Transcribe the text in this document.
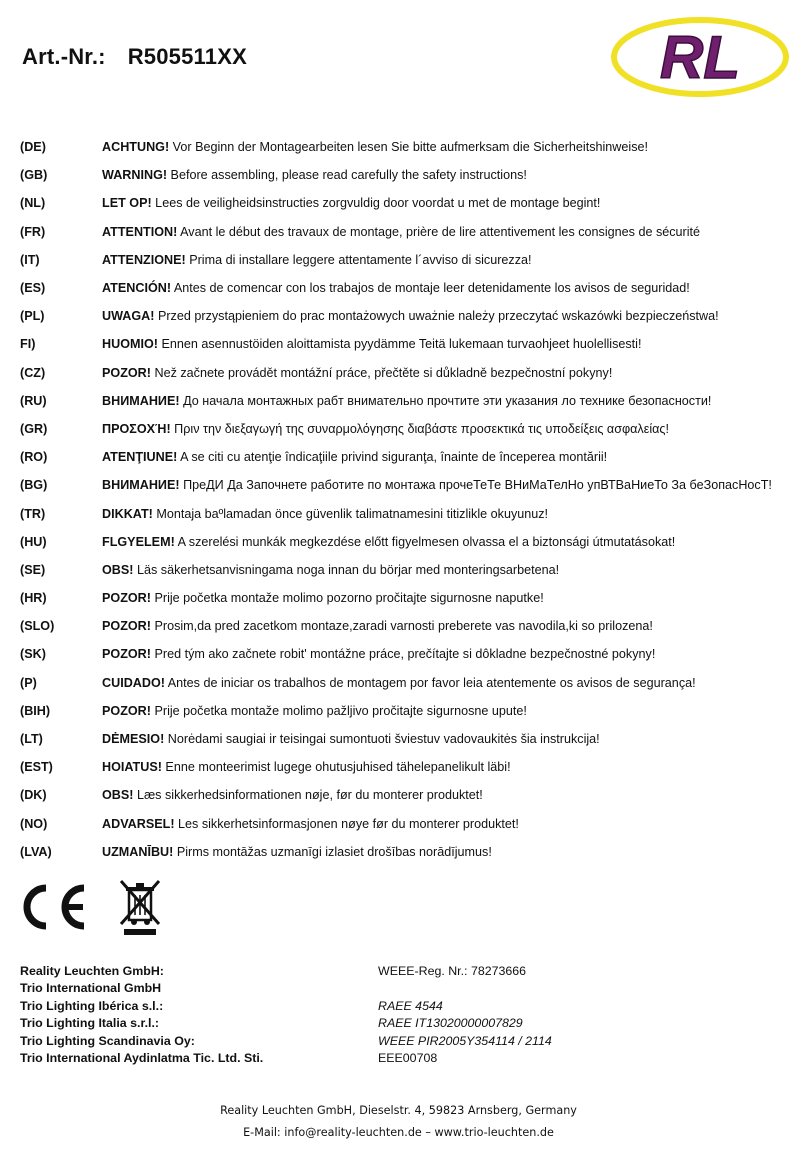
Art.-Nr.: R505511XX	RL
(DE)	ACHTUNG! Vor Beginn der Montagearbeiten lesen Sie bitte aufmerksam die Sicherheitshinweise!
(GB)	WARNING! Before assembling, please read carefully the safety instructions!
(NL)	LET OP! Lees de veiligheidsinstructies zorgvuldig door voordat u met de montage begint!
(FR)	ATTENTION! Avant le début des travaux de montage, prière de lire attentivement les consignes de sécurité
(IT)	ATTENZIONE! Prima di installare leggere attentamente l´avviso di sicurezza!
(ES)	ATENCIÓN! Antes de comencar con los trabajos de montaje leer detenidamente los avisos de seguridad!
(PL)	UWAGA! Przed przystąpieniem do prac montażowych uważnie należy przeczytać wskazówki bezpieczeństwa!
FI)	HUOMIO! Ennen asennustöiden aloittamista pyydämme Teitä lukemaan turvaohjeet huolellisesti!
(CZ)	POZOR! Než začnete provádět montážní práce, přečtěte si důkladně bezpečnostní pokyny!
(RU)	ВНИМАНИЕ! До начала монтажных рабт внимательно прочтите эти указания ло технике безопасности!
(GR)	ΠΡΟΣΟΧΉ! Πριν την διεξαγωγή της συναρμολόγησης διαβάστε προσεκτικά τις υποδείξεις ασφαλείας!
(RO)	ATENŢIUNE! A se citi cu atenţie îndicaţiile privind siguranţa, înainte de începerea montării!
(BG)	ВНИМАНИЕ! ПреДИ Да Започнете работите по монтажа прочеТеТе ВНиМаТелНо упВТВаНиеТо За беЗопасНосТ!
(TR)	DIKKAT! Montaja baºlamadan önce güvenlik talimatnamesini titizlikle okuyunuz!
(HU)	FLGYELEM! A szerelési munkák megkezdése előtt figyelmesen olvassa el a biztonsági útmutatásokat!
(SE)	OBS! Läs säkerhetsanvisningama noga innan du börjar med monteringsarbetena!
(HR)	POZOR! Prije početka montaže molimo pozorno pročitajte sigurnosne naputke!
(SLO)	POZOR! Prosim,da pred zacetkom montaze,zaradi varnosti preberete vas navodila,ki so prilozena!
(SK)	POZOR! Pred tým ako začnete robit' montážne práce, prečítajte si dôkladne bezpečnostné pokyny!
(P)	CUIDADO! Antes de iniciar os trabalhos de montagem por favor leia atentemente os avisos de segurança!
(BIH)	POZOR! Prije početka montaže molimo pažljivo pročitajte sigurnosne upute!
(LT)	DĖMESIO! Norėdami saugiai ir teisingai sumontuoti šviestuv vadovaukitės šia instrukcija!
(EST)	HOIATUS! Enne monteerimist lugege ohutusjuhised tähelepanelikult läbi!
(DK)	OBS! Læs sikkerhedsinformationen nøje, før du monterer produktet!
(NO)	ADVARSEL! Les sikkerhetsinformasjonen nøye før du monterer produktet!
(LVA)	UZMANĪBU! Pirms montāžas uzmanīgi izlasiet drošības norādījumus!
Reality Leuchten GmbH:	WEEE-Reg. Nr.: 78273666
Trio International GmbH
Trio Lighting Ibérica s.l.:	RAEE 4544
Trio Lighting Italia s.r.l.:	RAEE IT13020000007829
Trio Lighting Scandinavia Oy:	WEEE PIR2005Y354114 / 2114
Trio International Aydinlatma Tic. Ltd. Sti.	EEE00708
Reality Leuchten GmbH, Dieselstr. 4, 59823 Arnsberg, Germany
E-Mail: info@reality-leuchten.de – www.trio-leuchten.de
